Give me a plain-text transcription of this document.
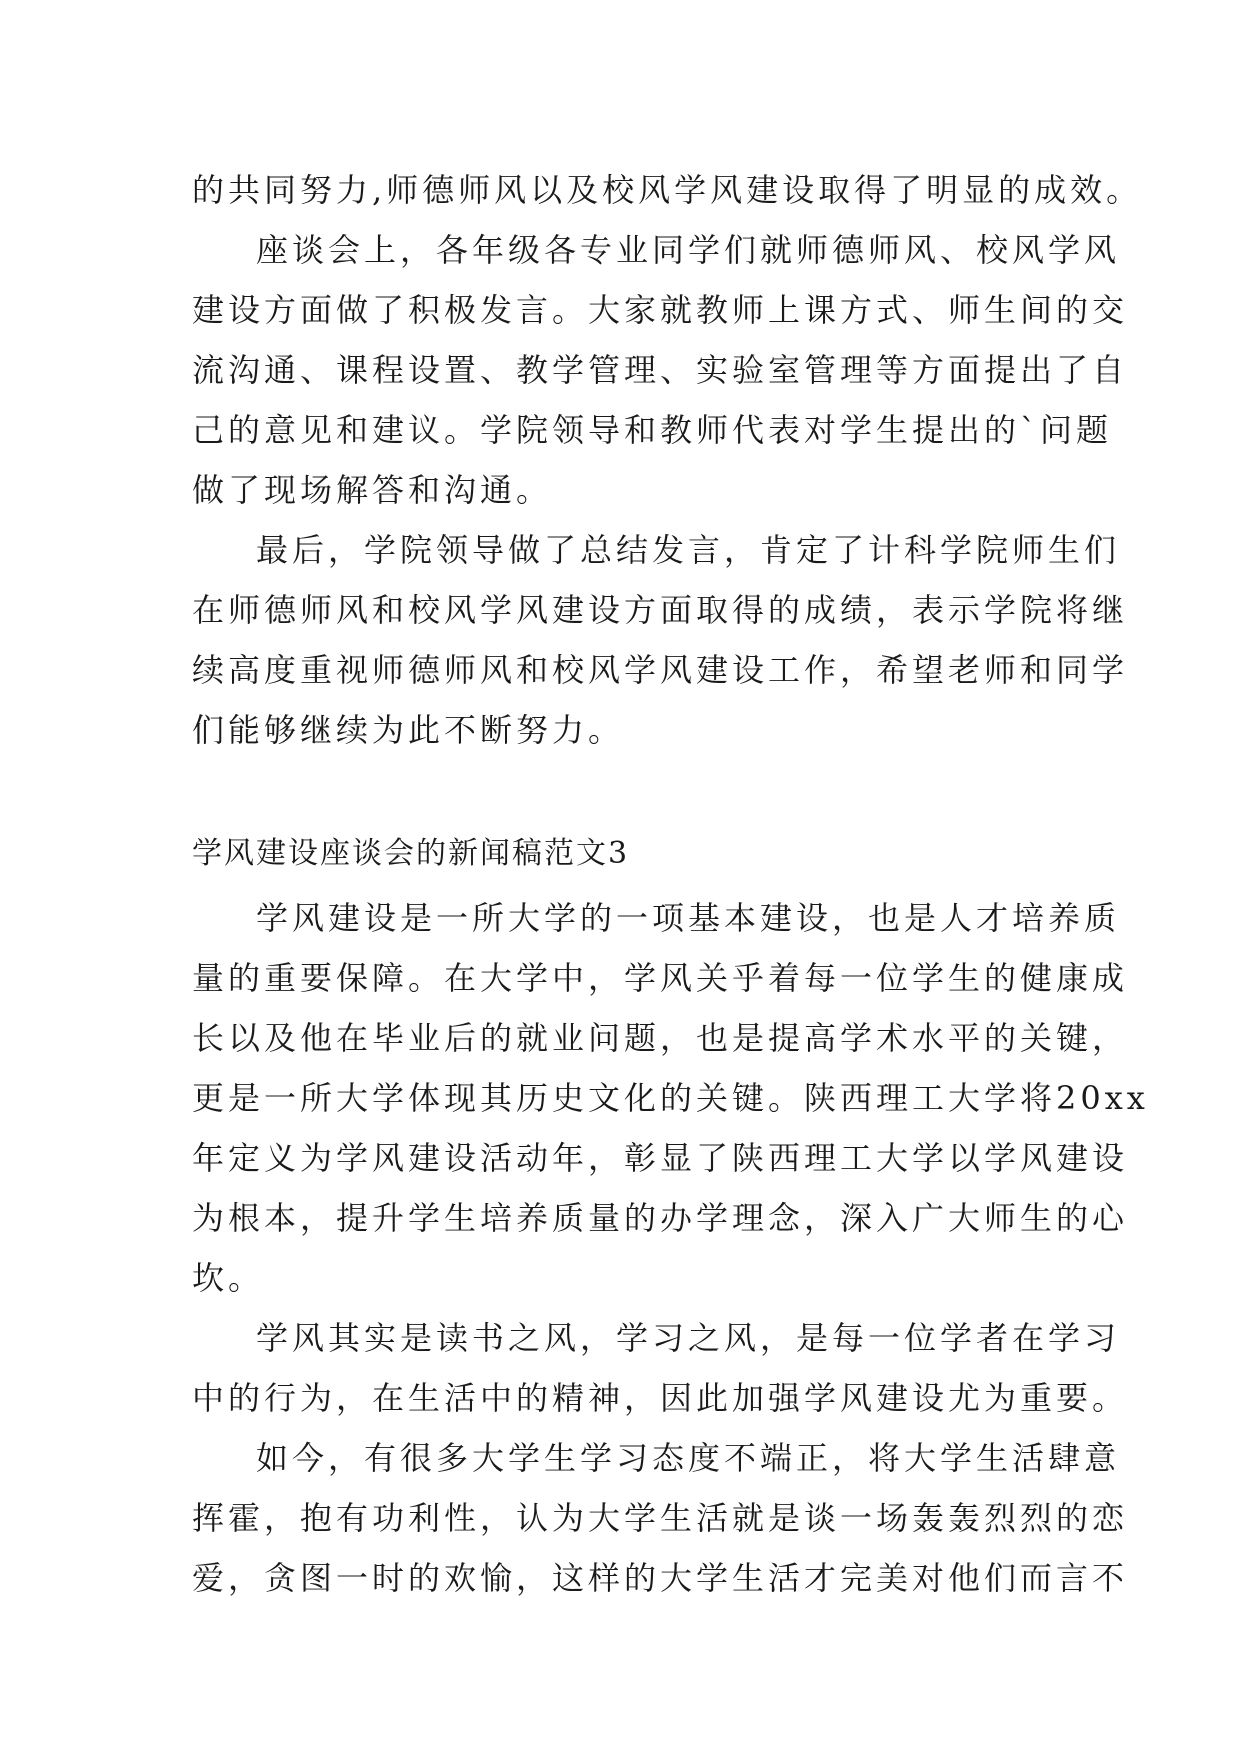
的共同努力,师德师风以及校风学风建设取得了明显的成效。
座谈会上，各年级各专业同学们就师德师风、校风学风
建设方面做了积极发言。大家就教师上课方式、师生间的交
流沟通、课程设置、教学管理、实验室管理等方面提出了自
己的意见和建议。学院领导和教师代表对学生提出的`问题
做了现场解答和沟通。
最后，学院领导做了总结发言，肯定了计科学院师生们
在师德师风和校风学风建设方面取得的成绩，表示学院将继
续高度重视师德师风和校风学风建设工作，希望老师和同学
们能够继续为此不断努力。
学风建设座谈会的新闻稿范文3
学风建设是一所大学的一项基本建设，也是人才培养质
量的重要保障。在大学中，学风关乎着每一位学生的健康成
长以及他在毕业后的就业问题，也是提高学术水平的关键，
更是一所大学体现其历史文化的关键。陕西理工大学将20xx
年定义为学风建设活动年，彰显了陕西理工大学以学风建设
为根本，提升学生培养质量的办学理念，深入广大师生的心
坎。
学风其实是读书之风，学习之风，是每一位学者在学习
中的行为，在生活中的精神，因此加强学风建设尤为重要。
如今，有很多大学生学习态度不端正，将大学生活肆意
挥霍，抱有功利性，认为大学生活就是谈一场轰轰烈烈的恋
爱，贪图一时的欢愉，这样的大学生活才完美对他们而言不
